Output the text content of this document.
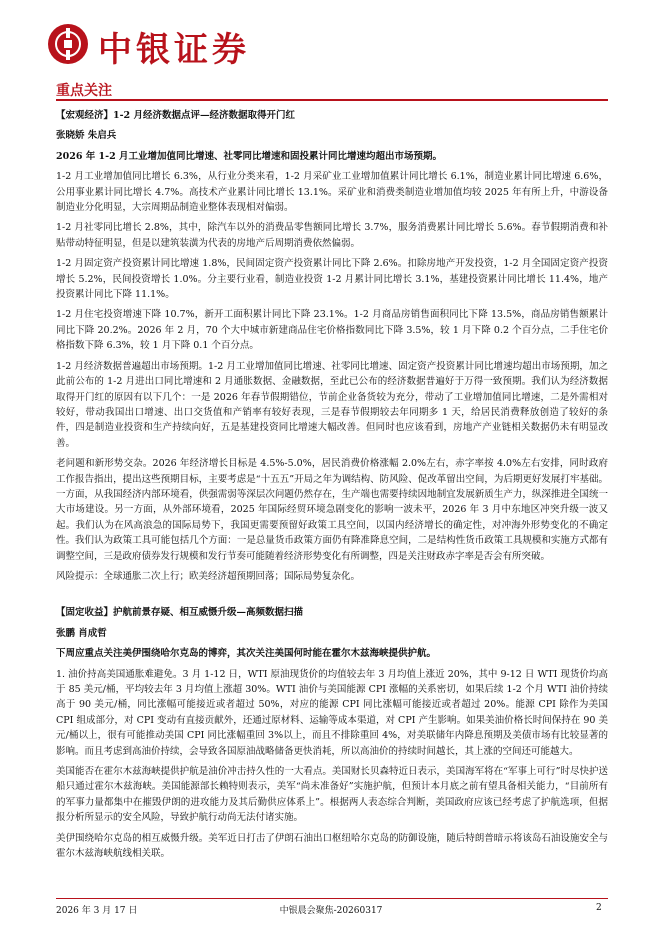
中银证券
重点关注

【宏观经济】1-2 月经济数据点评—经济数据取得开门红

张晓娇 朱启兵

2026 年 1-2 月工业增加值同比增速、社零同比增速和固投累计同比增速均超出市场预期。

1-2 月工业增加值同比增长 6.3%，从行业分类来看，1-2 月采矿业工业增加值累计同比增长 6.1%，制造业累计同比增速 6.6%，公用事业累计同比增长 4.7%。高技术产业累计同比增长 13.1%。采矿业和消费类制造业增加值均较 2025 年有所上升，中游设备制造业分化明显，大宗周期品制造业整体表现相对偏弱。

1-2 月社零同比增长 2.8%，其中，除汽车以外的消费品零售额同比增长 3.7%，服务消费累计同比增长 5.6%。春节假期消费和补贴带动特征明显，但是以建筑装潢为代表的房地产后周期消费依然偏弱。

1-2 月固定资产投资累计同比增速 1.8%，民间固定资产投资累计同比下降 2.6%。扣除房地产开发投资，1-2 月全国固定资产投资增长 5.2%，民间投资增长 1.0%。分主要行业看，制造业投资 1-2 月累计同比增长 3.1%，基建投资累计同比增长 11.4%，地产投资累计同比下降 11.1%。

1-2 月住宅投资增速下降 10.7%，新开工面积累计同比下降 23.1%。1-2 月商品房销售面积同比下降 13.5%，商品房销售额累计同比下降 20.2%。2026 年 2 月，70 个大中城市新建商品住宅价格指数同比下降 3.5%，较 1 月下降 0.2 个百分点，二手住宅价格指数下降 6.3%，较 1 月下降 0.1 个百分点。

1-2 月经济数据普遍超出市场预期。1-2 月工业增加值同比增速、社零同比增速、固定资产投资累计同比增速均超出市场预期，加之此前公布的 1-2 月进出口同比增速和 2 月通胀数据、金融数据，至此已公布的经济数据普遍好于万得一致预期。我们认为经济数据取得开门红的原因有以下几个：一是 2026 年春节假期错位，节前企业备货较为充分，带动了工业增加值同比增速，二是外需相对较好，带动我国出口增速、出口交货值和产销率有较好表现，三是春节假期较去年同期多 1 天，给居民消费释放创造了较好的条件，四是制造业投资和生产持续向好，五是基建投资同比增速大幅改善。但同时也应该看到，房地产产业链相关数据仍未有明显改善。

老问题和新形势交杂。2026 年经济增长目标是 4.5%-5.0%，居民消费价格涨幅 2.0%左右，赤字率按 4.0%左右安排，同时政府工作报告指出，提出这些预期目标，主要考虑是“十五五”开局之年为调结构、防风险、促改革留出空间，为后期更好发展打牢基础。一方面，从我国经济内部环境看，供强需弱等深层次问题仍然存在，生产端也需要持续因地制宜发展新质生产力，纵深推进全国统一大市场建设。另一方面，从外部环境看，2025 年国际经贸环境急剧变化的影响一波未平，2026 年 3 月中东地区冲突升级一波又起。我们认为在风高浪急的国际局势下，我国更需要预留好政策工具空间，以国内经济增长的确定性，对冲海外形势变化的不确定性。我们认为政策工具可能包括几个方面：一是总量货币政策方面仍有降准降息空间，二是结构性货币政策工具规模和实施方式都有调整空间，三是政府债券发行规模和发行节奏可能随着经济形势变化有所调整，四是关注财政赤字率是否会有所突破。

风险提示：全球通胀二次上行；欧美经济超预期回落；国际局势复杂化。

【固定收益】护航前景存疑、相互威慑升级—高频数据扫描

张鹏 肖成哲

下周应重点关注美伊围绕哈尔克岛的博弈，其次关注美国何时能在霍尔木兹海峡提供护航。

1. 油价持高美国通胀难避免。3 月 1-12 日，WTI 原油现货价的均值较去年 3 月均值上涨近 20%，其中 9-12 日 WTI 现货价均高于 85 美元/桶，平均较去年 3 月均值上涨超 30%。WTI 油价与美国能源 CPI 涨幅的关系密切，如果后续 1-2 个月 WTI 油价持续高于 90 美元/桶，同比涨幅可能接近或者超过 50%，对应的能源 CPI 同比涨幅可能接近或者超过 20%。能源 CPI 除作为美国 CPI 组成部分，对 CPI 变动有直接贡献外，还通过原材料、运输等成本渠道，对 CPI 产生影响。如果美油价格长时间保持在 90 美元/桶以上，很有可能推动美国 CPI 同比涨幅重回 3%以上，而且不排除重回 4%，对美联储年内降息预期及美债市场有比较显著的影响。而且考虑到高油价持续，会导致各国原油战略储备更快消耗，所以高油价的持续时间越长，其上涨的空间还可能越大。

美国能否在霍尔木兹海峡提供护航是油价冲击持久性的一大看点。美国财长贝森特近日表示，美国海军将在“军事上可行”时尽快护送船只通过霍尔木兹海峡。美国能源部长赖特则表示，美军“尚未准备好”实施护航，但预计本月底之前有望具备相关能力，“目前所有的军事力量都集中在摧毁伊朗的进攻能力及其后勤供应体系上”。根据两人表态综合判断，美国政府应该已经考虑了护航选项，但据报分析所显示的安全风险，导致护航行动尚无法付诸实施。

美伊围绕哈尔克岛的相互威慑升级。美军近日打击了伊朗石油出口枢纽哈尔克岛的防御设施，随后特朗普暗示将该岛石油设施安全与霍尔木兹海峡航线相关联。

2026 年 3 月 17 日	中银晨会聚焦-20260317	2
